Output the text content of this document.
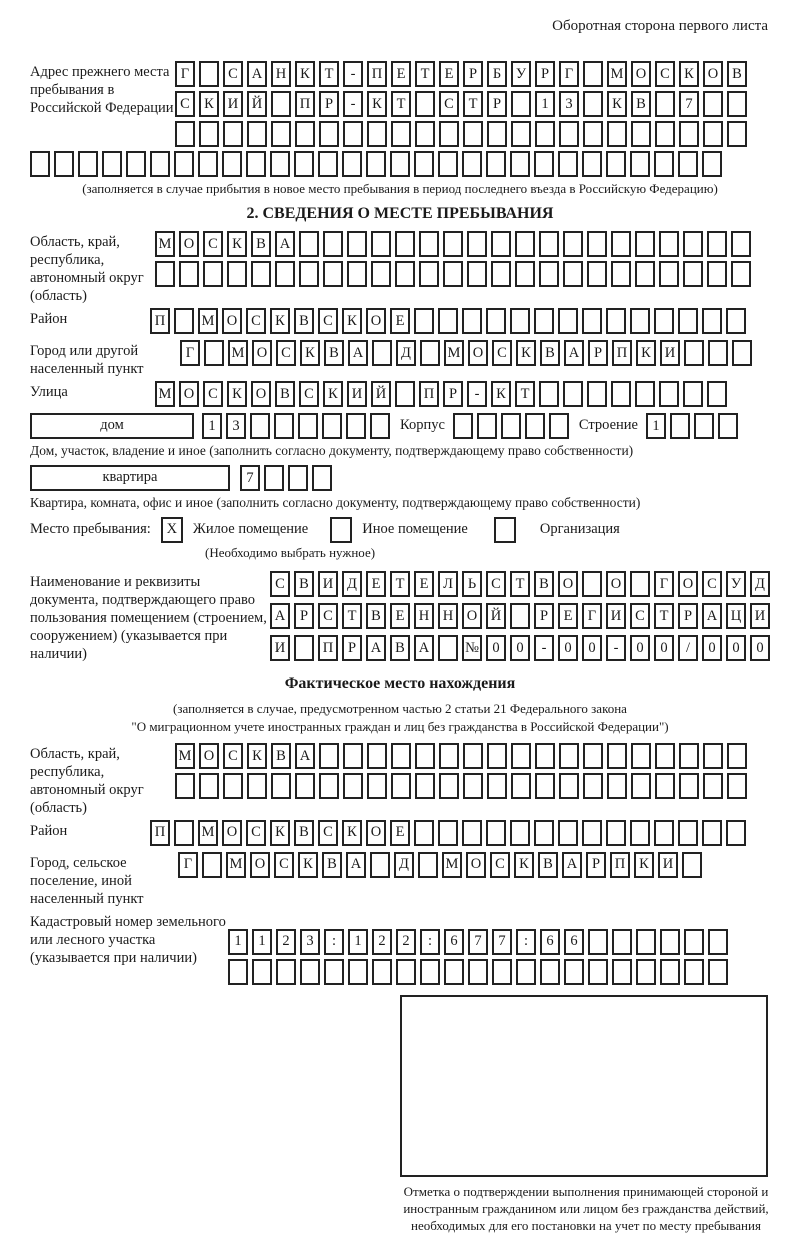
Оборотная сторона первого листа
Адрес прежнего места пребывания в Российской Федерации
Г	С А Н К	Т	-	П Е	Т	Е	Р	Б	У	Р	Г	М О С К О В
С К И Й	П	Р	-	К	Т	С	Т	Р	1	3	К В	7
(заполняется в случае прибытия в новое место пребывания в период последнего въезда в Российскую Федерацию)
2. СВЕДЕНИЯ О МЕСТЕ ПРЕБЫВАНИЯ
Область, край, республика, автономный округ (область)
М О С К В А
Район	П	М О С К В С К О Е
Город или другой населенный пункт
Г	М О С К В А	Д	М О С К В А	Р	П К И
Улица	М О С К О В С К И Й	П	Р	-	К	Т
дом	1	3	Корпус	Строение 1
Дом, участок, владение и иное (заполнить согласно документу, подтверждающему право собственности)
квартира	7
Квартира, комната, офис и иное (заполнить согласно документу, подтверждающему право собственности)
Место пребывания:	X	Жилое помещение	Иное помещение	Организация
(Необходимо выбрать нужное)
Наименование и реквизиты документа, подтверждающего право пользования помещением (строением, сооружением) (указывается при наличии)
С В И Д	Е	Т	Е	Л	Ь	С	Т	В О	О	Г	О С У Д
А	Р	С	Т	В	Е Н Н О Й	Р	Е	Г	И С	Т	Р	А Ц И
И	П	Р	А В А	№ 0	0	-	0	0	-	0	0	/	0	0	0
Фактическое место нахождения
(заполняется в случае, предусмотренном частью 2 статьи 21 Федерального закона
"О миграционном учете иностранных граждан и лиц без гражданства в Российской Федерации")
Область, край, республика, автономный округ (область)
М О С К В А
Район	П	М О С К В С К О Е
Город, сельское поселение, иной населенный пункт
Г	М О С К В А	Д	М О С К В А	Р	П К И
Кадастровый номер земельного или лесного участка (указывается при наличии)
1	1	2	3	:	1	2	2	:	6	7	7	:	6	6
Отметка о подтверждении выполнения принимающей стороной и иностранным гражданином или лицом без гражданства действий, необходимых для его постановки на учет по месту пребывания
